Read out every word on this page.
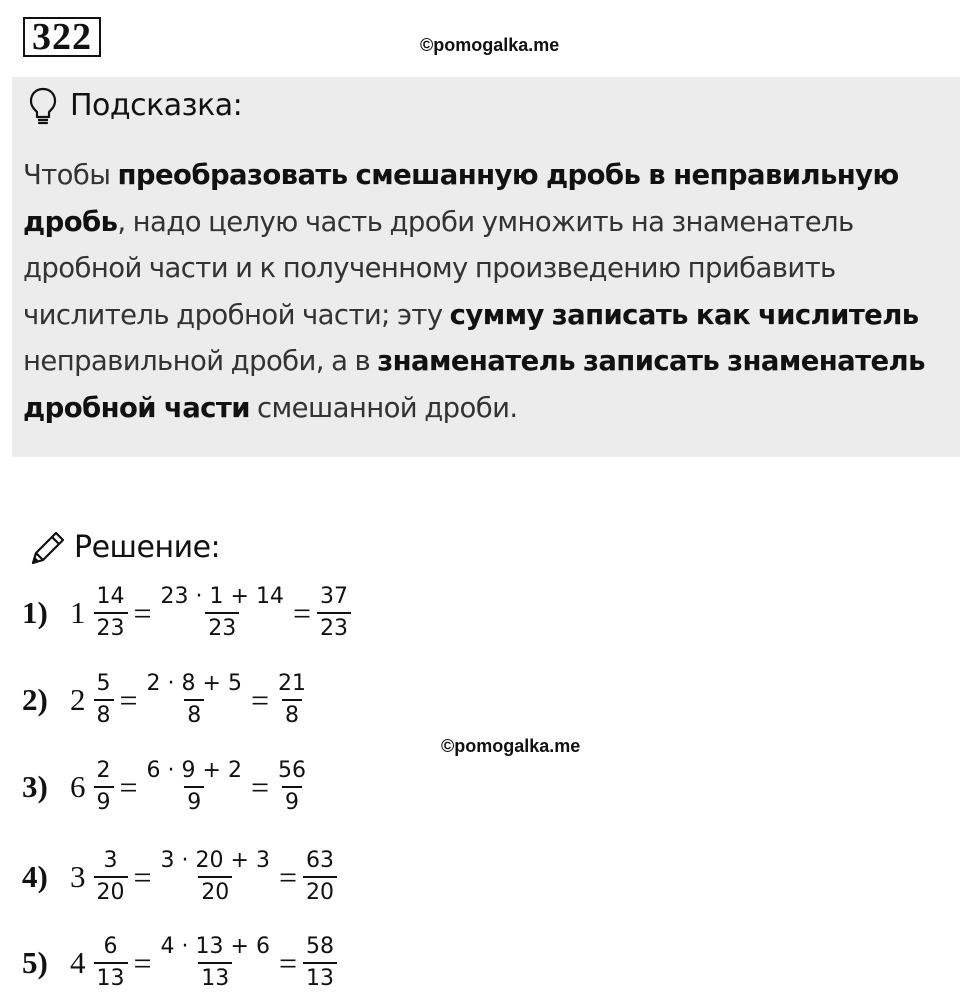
322	©pomogalka.me
Подсказка:
Чтобы преобразовать смешанную дробь в неправильную дробь, надо целую часть дроби умножить на знаменатель дробной части и к полученному произведению прибавить числитель дробной части; эту сумму записать как числитель неправильной дроби, а в знаменатель записать знаменатель дробной части смешанной дроби.
Решение:
1) $1 \frac{14}{23} = \frac{23 \cdot 1 + 14}{23} = \frac{37}{23}$
2) $2 \frac{5}{8} = \frac{2 \cdot 8 + 5}{8} = \frac{21}{8}$
3) $6 \frac{2}{9} = \frac{6 \cdot 9 + 2}{9} = \frac{56}{9}$
4) $3 \frac{3}{20} = \frac{3 \cdot 20 + 3}{20} = \frac{63}{20}$
5) $4 \frac{6}{13} = \frac{4 \cdot 13 + 6}{13} = \frac{58}{13}$
©pomogalka.me
